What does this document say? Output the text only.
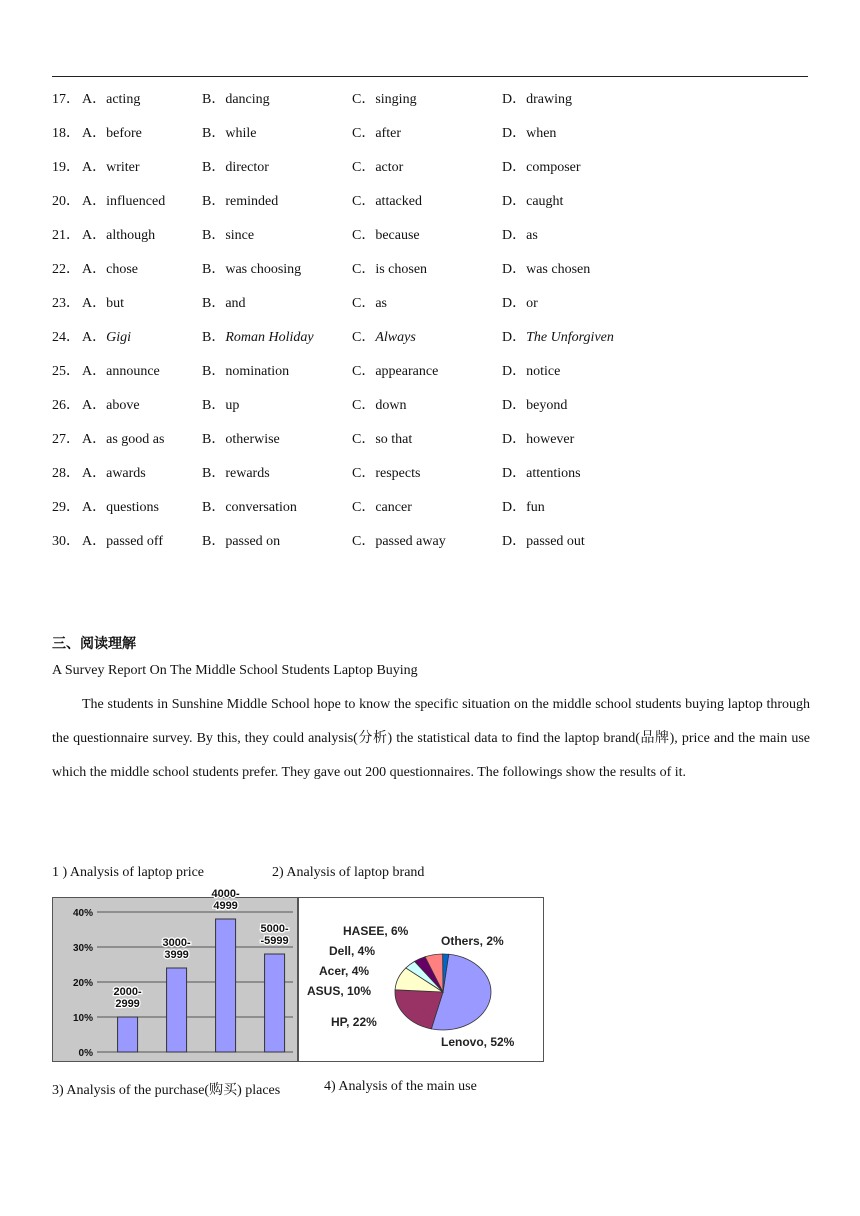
17． A．acting	B．dancing	C．singing	D．drawing
18． A．before	B．while	C．after	D．when
19． A．writer	B．director	C．actor	D．composer
20． A．influenced	B．reminded	C．attacked	D．caught
21． A．although	B．since	C．because	D．as
22． A．chose	B．was choosing	C．is chosen	D．was chosen
23． A．but	B．and	C．as	D．or
24． A．Gigi	B．Roman Holiday	C．Always	D．The Unforgiven
25． A．announce	B．nomination	C．appearance	D．notice
26． A．above	B．up	C．down	D．beyond
27． A．as good as	B．otherwise	C．so that	D．however
28． A．awards	B．rewards	C．respects	D．attentions
29． A．questions	B．conversation	C．cancer	D．fun
30． A．passed off	B．passed on	C．passed away	D．passed out
三、阅读理解
A Survey Report On The Middle School Students Laptop Buying

The students in Sunshine Middle School hope to know the specific situation on the middle school students buying laptop through the questionnaire survey. By this, they could analysis(分析) the statistical data to find the laptop brand(品牌), price and the main use which the middle school students prefer. They gave out 200 questionnaires. The followings show the results of it.

1 ) Analysis of laptop price	2) Analysis of laptop brand
0%
10%
20%
30%
40%
2000-
2999
3000-
3999
4000-
4999
5000-
-5999
Lenovo, 52%
HP, 22%
ASUS, 10%
Acer, 4%
Dell, 4%
HASEE, 6%
Others, 2%
3) Analysis of the purchase(购买) places	4) Analysis of the main use
